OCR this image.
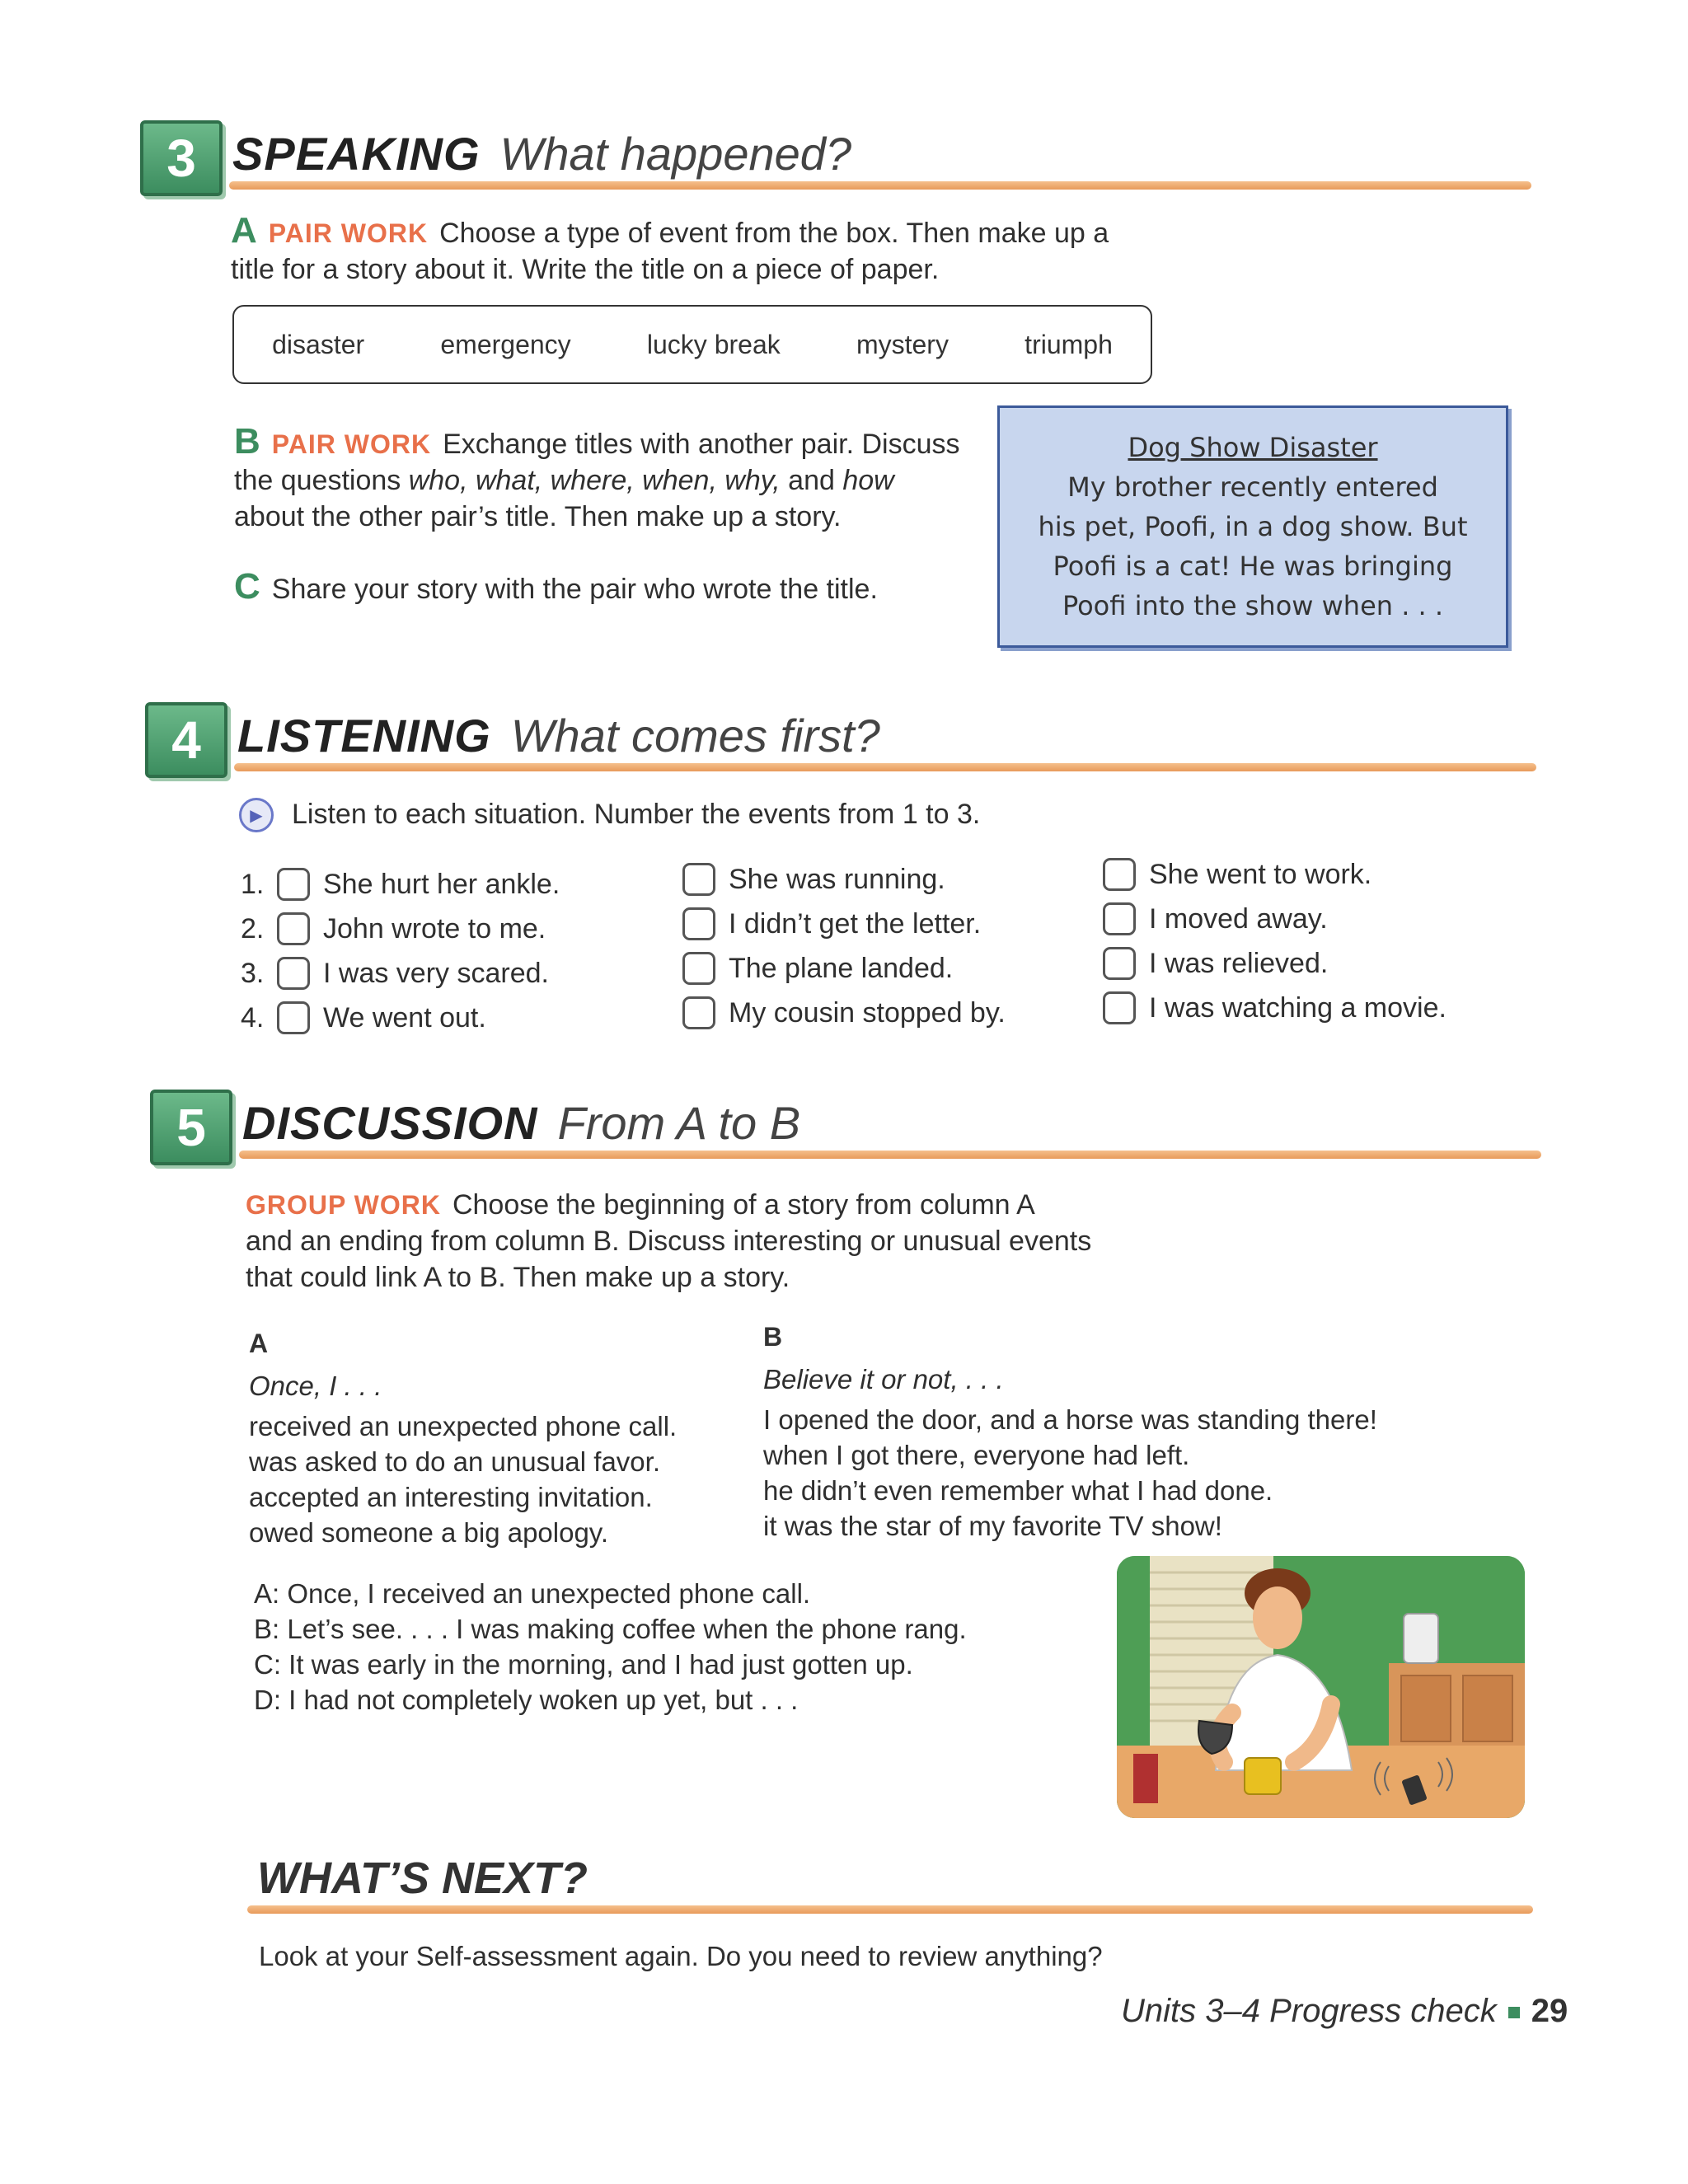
3 SPEAKING What happened?
A PAIR WORK Choose a type of event from the box. Then make up a
title for a story about it. Write the title on a piece of paper.
disaster	emergency	lucky break	mystery	triumph
B PAIR WORK Exchange titles with another pair. Discuss
the questions who, what, where, when, why, and how
about the other pair’s title. Then make up a story.
C Share your story with the pair who wrote the title.
Dog Show Disaster
My brother recently entered
his pet, Poofi, in a dog show. But
Poofi is a cat! He was bringing
Poofi into the show when . . .
4 LISTENING What comes first?
▶	Listen to each situation. Number the events from 1 to 3.
1.	She hurt her ankle.
2.	John wrote to me.
3.	I was very scared.
4.	We went out.
She was running.
I didn’t get the letter.
The plane landed.
My cousin stopped by.
She went to work.
I moved away.
I was relieved.
I was watching a movie.
5 DISCUSSION From A to B
GROUP WORK Choose the beginning of a story from column A
and an ending from column B. Discuss interesting or unusual events
that could link A to B. Then make up a story.
A
Once, I . . .
received an unexpected phone call.
was asked to do an unusual favor.
accepted an interesting invitation.
owed someone a big apology.
B
Believe it or not, . . .
I opened the door, and a horse was standing there!
when I got there, everyone had left.
he didn’t even remember what I had done.
it was the star of my favorite TV show!
A: Once, I received an unexpected phone call.
B: Let’s see. . . . I was making coffee when the phone rang.
C: It was early in the morning, and I had just gotten up.
D: I had not completely woken up yet, but . . .
WHAT’S NEXT?
Look at your Self-assessment again. Do you need to review anything?
Units 3–4 Progress check 29
